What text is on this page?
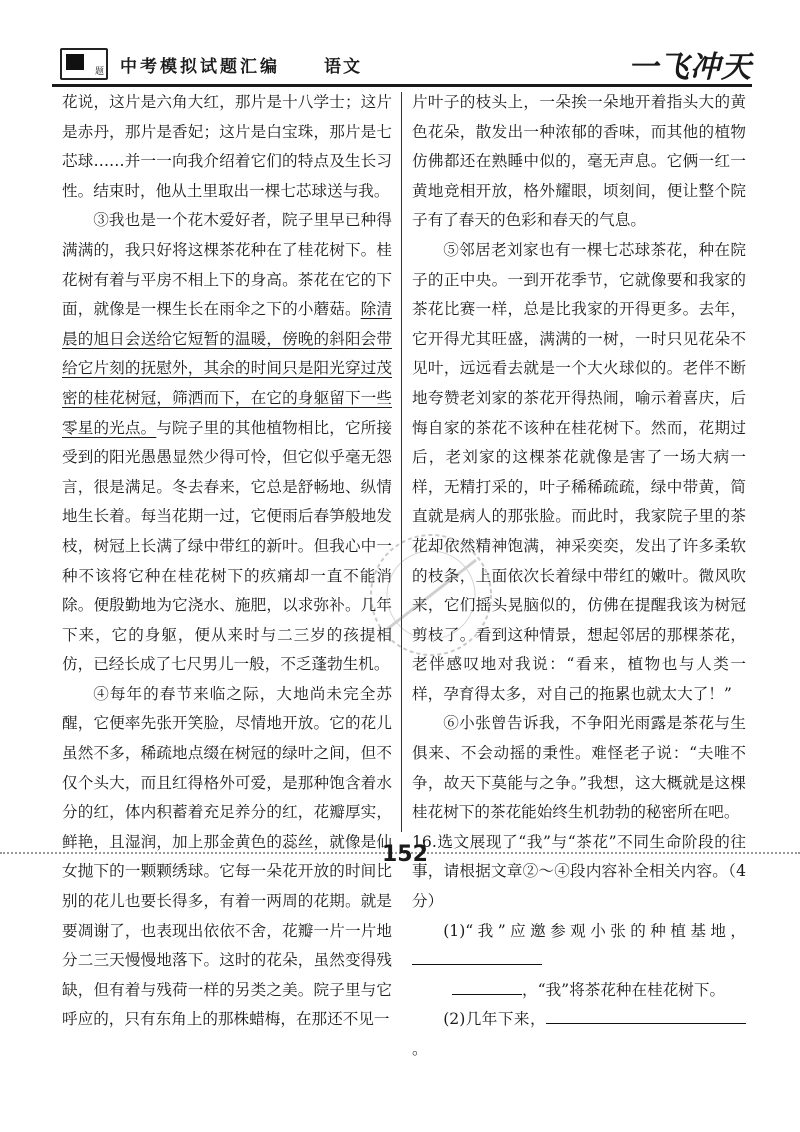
题 中考模拟试题汇编	语文	一飞冲天

花说，这片是六角大红，那片是十八学士；这片是赤丹，那片是香妃；这片是白宝珠，那片是七芯球……并一一向我介绍着它们的特点及生长习性。结束时，他从土里取出一棵七芯球送与我。

③我也是一个花木爱好者，院子里早已种得满满的，我只好将这棵茶花种在了桂花树下。桂花树有着与平房不相上下的身高。茶花在它的下面，就像是一棵生长在雨伞之下的小蘑菇。除清晨的旭日会送给它短暂的温暖，傍晚的斜阳会带给它片刻的抚慰外，其余的时间只是阳光穿过茂密的桂花树冠，筛洒而下，在它的身躯留下一些零星的光点。与院子里的其他植物相比，它所接受到的阳光愚愚显然少得可怜，但它似乎毫无怨言，很是满足。冬去春来，它总是舒畅地、纵情地生长着。每当花期一过，它便雨后春笋般地发枝，树冠上长满了绿中带红的新叶。但我心中一种不该将它种在桂花树下的疚痛却一直不能消除。便殷勤地为它浇水、施肥，以求弥补。几年下来，它的身躯，便从来时与二三岁的孩提相仿，已经长成了七尺男儿一般，不乏蓬勃生机。

④每年的春节来临之际，大地尚未完全苏醒，它便率先张开笑脸，尽情地开放。它的花儿虽然不多，稀疏地点缀在树冠的绿叶之间，但不仅个头大，而且红得格外可爱，是那种饱含着水分的红，体内积蓄着充足养分的红，花瓣厚实，鲜艳，且湿润，加上那金黄色的蕊丝，就像是仙女抛下的一颗颗绣球。它每一朵花开放的时间比别的花儿也要长得多，有着一两周的花期。就是要凋谢了，也表现出依依不舍，花瓣一片一片地分二三天慢慢地落下。这时的花朵，虽然变得残缺，但有着与残荷一样的另类之美。院子里与它呼应的，只有东角上的那株蜡梅，在那还不见一

片叶子的枝头上，一朵挨一朵地开着指头大的黄色花朵，散发出一种浓郁的香味，而其他的植物仿佛都还在熟睡中似的，毫无声息。它俩一红一黄地竞相开放，格外耀眼，顷刻间，便让整个院子有了春天的色彩和春天的气息。

⑤邻居老刘家也有一棵七芯球茶花，种在院子的正中央。一到开花季节，它就像要和我家的茶花比赛一样，总是比我家的开得更多。去年，它开得尤其旺盛，满满的一树，一时只见花朵不见叶，远远看去就是一个大火球似的。老伴不断地夸赞老刘家的茶花开得热闹，喻示着喜庆，后悔自家的茶花不该种在桂花树下。然而，花期过后，老刘家的这棵茶花就像是害了一场大病一样，无精打采的，叶子稀稀疏疏，绿中带黄，简直就是病人的那张脸。而此时，我家院子里的茶花却依然精神饱满，神采奕奕，发出了许多柔软的枝条，上面依次长着绿中带红的嫩叶。微风吹来，它们摇头晃脑似的，仿佛在提醒我该为树冠剪枝了。看到这种情景，想起邻居的那棵茶花，老伴感叹地对我说：“看来，植物也与人类一样，孕育得太多，对自己的拖累也就太大了！”

⑥小张曾告诉我，不争阳光雨露是茶花与生俱来、不会动摇的秉性。难怪老子说：“夫唯不争，故天下莫能与之争。”我想，这大概就是这棵桂花树下的茶花能始终生机勃勃的秘密所在吧。

16.选文展现了“我”与“茶花”不同生命阶段的往事，请根据文章②～④段内容补全相关内容。（4分）

(1)“我”应邀参观小张的种植基地，
，“我”将茶花种在桂花树下。

(2)几年下来，。

152
